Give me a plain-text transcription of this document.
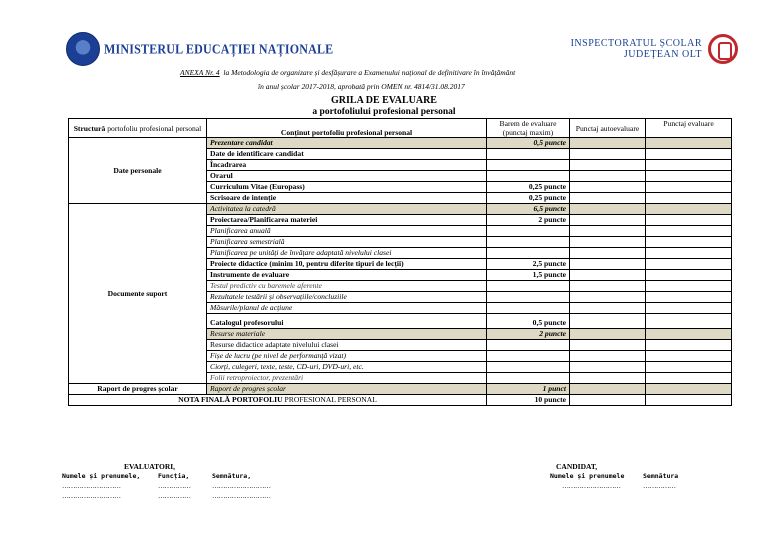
MINISTERUL EDUCAȚIEI NAȚIONALE	INSPECTORATUL ȘCOLAR
JUDEȚEAN OLT
ANEXA Nr. 4 la Metodologia de organizare și desfășurare a Examenului național de definitivare în învățământ
în anul școlar 2017-2018, aprobată prin OMEN nr. 4814/31.08.2017
GRILA DE EVALUARE
a portofoliului profesional personal
Structură portofoliu profesional personal	Conținut portofoliu profesional personal	Barem de evaluare (punctaj maxim)	Punctaj autoevaluare	Punctaj evaluare
Date personale	Prezentare candidat	0,5 puncte		
	Date de identificare candidat			
	Încadrarea			
	Orarul			
	Curriculum Vitae (Europass)	0,25 puncte		
	Scrisoare de intenție	0,25 puncte		
Documente suport	Activitatea la catedră	6,5 puncte		
	Proiectarea/Planificarea materiei	2 puncte		
	Planificarea anuală			
	Planificarea semestrială			
	Planificarea pe unități de învățare adaptată nivelului clasei			
	Proiecte didactice (minim 10, pentru diferite tipuri de lecții)	2,5 puncte		
	Instrumente de evaluare	1,5 puncte		
	Testul predictiv cu baremele aferente			
	Rezultatele testării și observațiile/concluziile			
	Măsurile/planul de acțiune			
	Catalogul profesorului	0,5 puncte		
	Resurse materiale	2 puncte		
	Resurse didactice adaptate nivelului clasei			
	Fișe de lucru (pe nivel de performanță vizat)			
	Ciorți, culegeri, texte, teste, CD-uri, DVD-uri, etc.			
	Folii retroproiector, prezentări			
Raport de progres școlar	Raport de progres școlar	1 punct		
NOTA FINALĂ PORTOFOLIU PROFESIONAL PERSONAL		10 puncte		
EVALUATORI,
Numele și prenumele,	Funcția,	Semnătura,
………………………	……………	………………………
………………………	……………	………………………
CANDIDAT,
Numele și prenumele	Semnătura
………………………	……………
